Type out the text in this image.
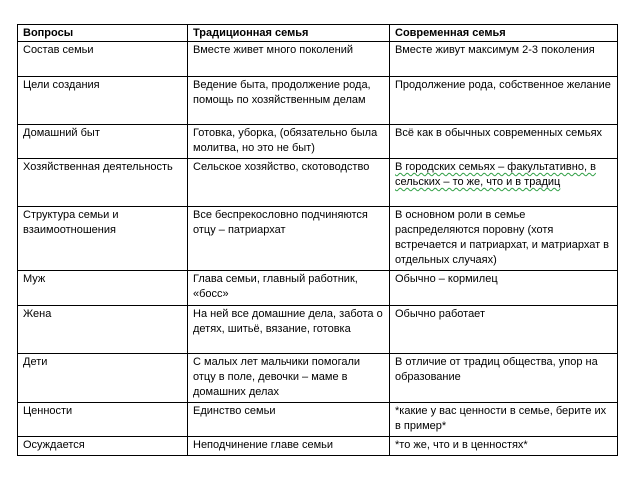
Вопросы	Традиционная семья	Современная семья
Состав семьи	Вместе живет много поколений	Вместе живут максимум 2-3 поколения
Цели создания	Ведение быта, продолжение рода, помощь по хозяйственным делам	Продолжение рода, собственное желание
Домашний быт	Готовка, уборка, (обязательно была молитва, но это не быт)	Всё как в обычных современных семьях
Хозяйственная деятельность	Сельское хозяйство, скотоводство	В городских семьях – факультативно, в сельских – то же, что и в традиц
Структура семьи и взаимоотношения	Все беспрекословно подчиняются отцу – патриархат	В основном роли в семье распределяются поровну (хотя встречается и патриархат, и матриархат в отдельных случаях)
Муж	Глава семьи, главный работник, «босс»	Обычно – кормилец
Жена	На ней все домашние дела, забота о детях, шитьё, вязание, готовка	Обычно работает
Дети	С малых лет мальчики помогали отцу в поле, девочки – маме в домашних делах	В отличие от традиц общества, упор на образование
Ценности	Единство семьи	*какие у вас ценности в семье, берите их в пример*
Осуждается	Неподчинение главе семьи	*то же, что и в ценностях*
